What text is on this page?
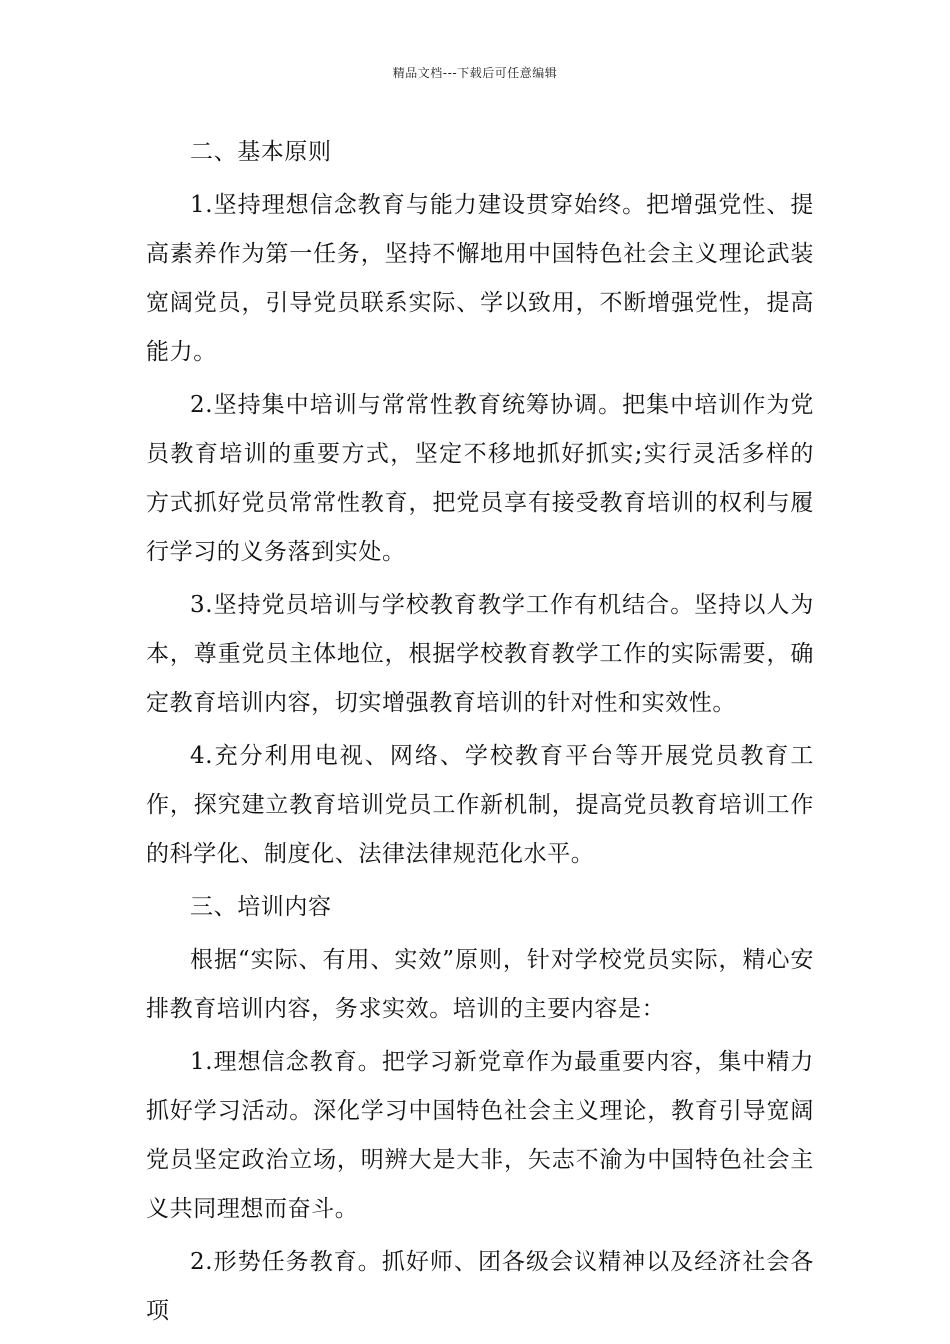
精品文档---下载后可任意编辑

二、基本原则

1.坚持理想信念教育与能力建设贯穿始终。把增强党性、提高素养作为第一任务，坚持不懈地用中国特色社会主义理论武装宽阔党员，引导党员联系实际、学以致用，不断增强党性，提高能力。

2.坚持集中培训与常常性教育统筹协调。把集中培训作为党员教育培训的重要方式，坚定不移地抓好抓实;实行灵活多样的方式抓好党员常常性教育，把党员享有接受教育培训的权利与履行学习的义务落到实处。

3.坚持党员培训与学校教育教学工作有机结合。坚持以人为本，尊重党员主体地位，根据学校教育教学工作的实际需要，确定教育培训内容，切实增强教育培训的针对性和实效性。

4.充分利用电视、网络、学校教育平台等开展党员教育工作，探究建立教育培训党员工作新机制，提高党员教育培训工作的科学化、制度化、法律法律规范化水平。

三、培训内容

根据“实际、有用、实效”原则，针对学校党员实际，精心安排教育培训内容，务求实效。培训的主要内容是：

1.理想信念教育。把学习新党章作为最重要内容，集中精力抓好学习活动。深化学习中国特色社会主义理论，教育引导宽阔党员坚定政治立场，明辨大是大非，矢志不渝为中国特色社会主义共同理想而奋斗。

2.形势任务教育。抓好师、团各级会议精神以及经济社会各项
